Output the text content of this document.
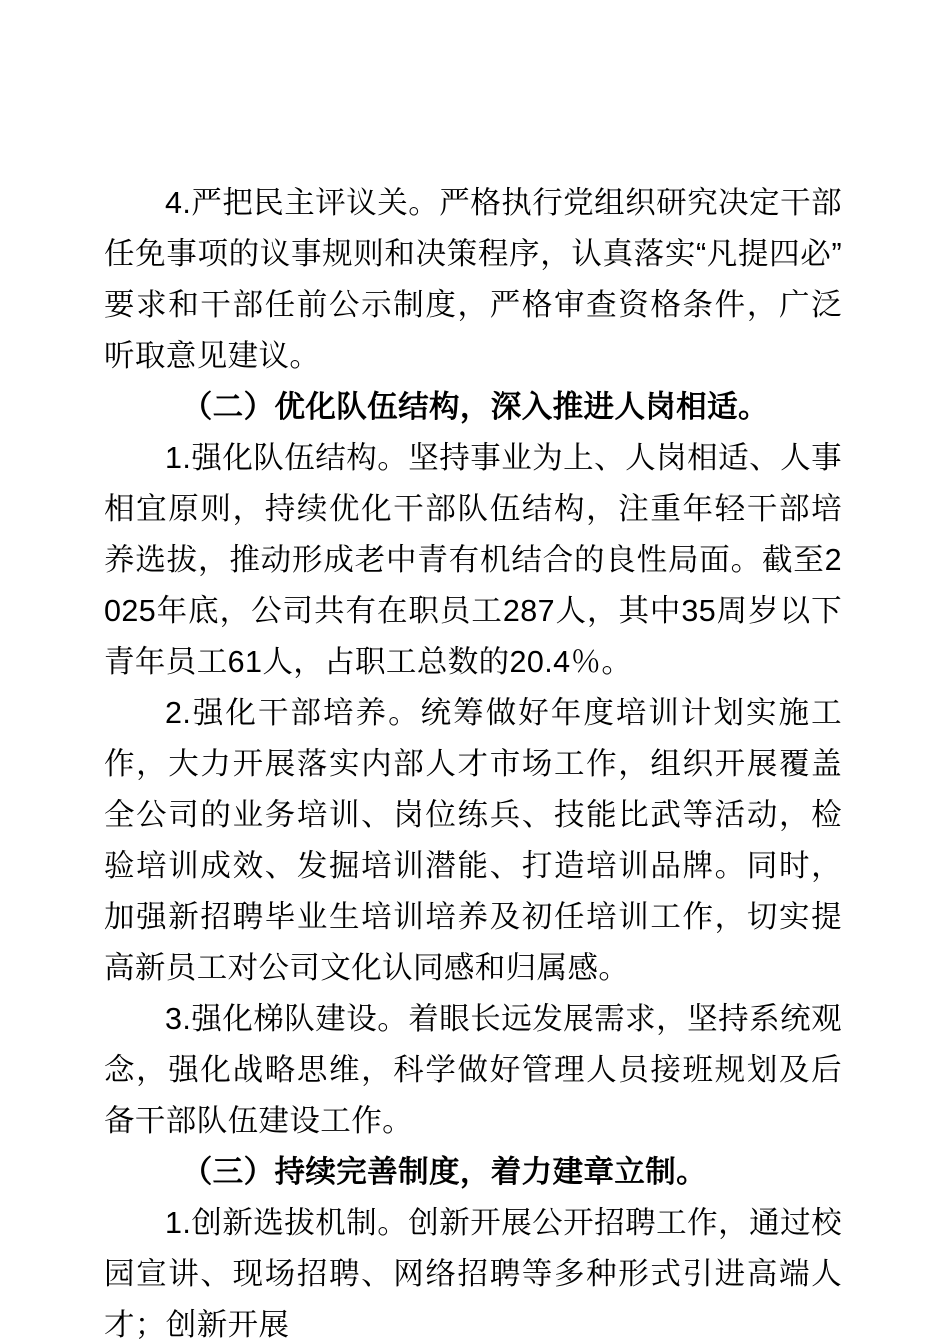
4.严把民主评议关。严格执行党组织研究决定干部任免事项的议事规则和决策程序，认真落实“凡提四必”要求和干部任前公示制度，严格审查资格条件，广泛听取意见建议。

（二）优化队伍结构，深入推进人岗相适。

1.强化队伍结构。坚持事业为上、人岗相适、人事相宜原则，持续优化干部队伍结构，注重年轻干部培养选拔，推动形成老中青有机结合的良性局面。截至2025年底，公司共有在职员工287人，其中35周岁以下青年员工61人，占职工总数的20.4％。

2.强化干部培养。统筹做好年度培训计划实施工作，大力开展落实内部人才市场工作，组织开展覆盖全公司的业务培训、岗位练兵、技能比武等活动，检验培训成效、发掘培训潜能、打造培训品牌。同时，加强新招聘毕业生培训培养及初任培训工作，切实提高新员工对公司文化认同感和归属感。

3.强化梯队建设。着眼长远发展需求，坚持系统观念，强化战略思维，科学做好管理人员接班规划及后备干部队伍建设工作。

（三）持续完善制度，着力建章立制。

1.创新选拔机制。创新开展公开招聘工作，通过校园宣讲、现场招聘、网络招聘等多种形式引进高端人才；创新开展
